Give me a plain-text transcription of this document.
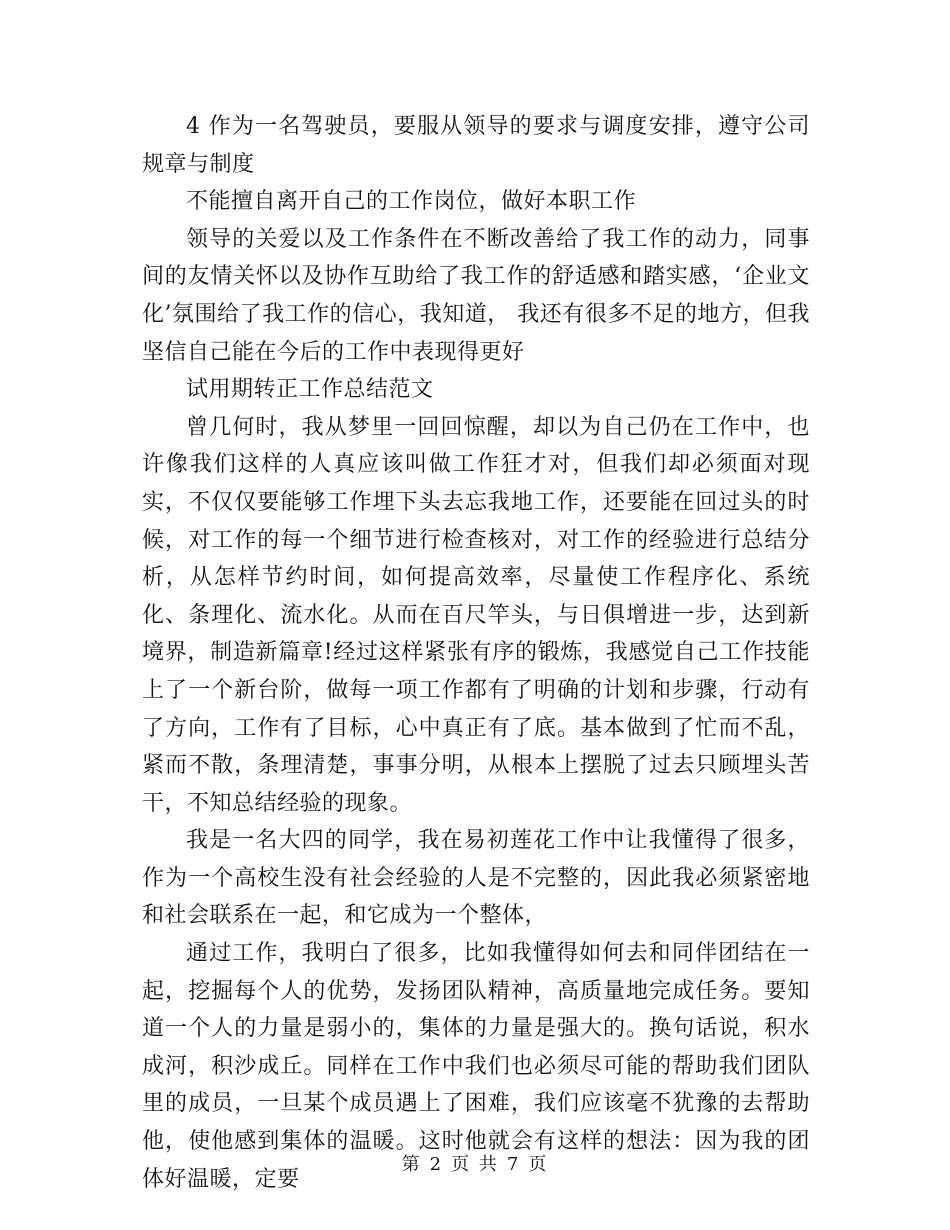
4 作为一名驾驶员，要服从领导的要求与调度安排，遵守公司规章与制度

不能擅自离开自己的工作岗位，做好本职工作

领导的关爱以及工作条件在不断改善给了我工作的动力，同事间的友情关怀以及协作互助给了我工作的舒适感和踏实感，‘企业文化’氛围给了我工作的信心，我知道， 我还有很多不足的地方，但我坚信自己能在今后的工作中表现得更好

试用期转正工作总结范文

曾几何时，我从梦里一回回惊醒，却以为自己仍在工作中，也许像我们这样的人真应该叫做工作狂才对，但我们却必须面对现实，不仅仅要能够工作埋下头去忘我地工作，还要能在回过头的时候，对工作的每一个细节进行检查核对，对工作的经验进行总结分析，从怎样节约时间，如何提高效率，尽量使工作程序化、系统化、条理化、流水化。从而在百尺竿头，与日俱增进一步，达到新境界，制造新篇章!经过这样紧张有序的锻炼，我感觉自己工作技能上了一个新台阶，做每一项工作都有了明确的计划和步骤，行动有了方向，工作有了目标，心中真正有了底。基本做到了忙而不乱，紧而不散，条理清楚，事事分明，从根本上摆脱了过去只顾埋头苦干，不知总结经验的现象。

我是一名大四的同学，我在易初莲花工作中让我懂得了很多，作为一个高校生没有社会经验的人是不完整的，因此我必须紧密地和社会联系在一起，和它成为一个整体，

通过工作，我明白了很多，比如我懂得如何去和同伴团结在一起，挖掘每个人的优势，发扬团队精神，高质量地完成任务。要知道一个人的力量是弱小的，集体的力量是强大的。换句话说，积水成河，积沙成丘。同样在工作中我们也必须尽可能的帮助我们团队里的成员，一旦某个成员遇上了困难，我们应该毫不犹豫的去帮助他，使他感到集体的温暖。这时他就会有这样的想法：因为我的团体好温暖，定要

第 2 页 共 7 页
